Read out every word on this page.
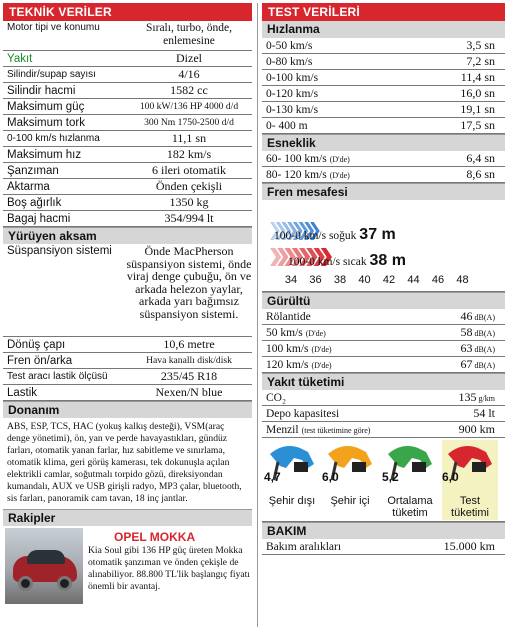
TEKNİK VERİLER
Motor tipi ve konumu	Sıralı, turbo, önde, enlemesine
Yakıt	Dizel
Silindir/supap sayısı	4/16
Silindir hacmi	1582 cc
Maksimum güç	100 kW/136 HP 4000 d/d
Maksimum tork	300 Nm 1750-2500 d/d
0-100 km/s hızlanma	11,1 sn
Maksimum hız	182 km/s
Şanzıman	6 ileri otomatik
Aktarma	Önden çekişli
Boş ağırlık	1350 kg
Bagaj hacmi	354/994 lt
Yürüyen aksam
Süspansiyon sistemi	Önde MacPherson süspansiyon sistemi, önde viraj denge çubuğu, ön ve arkada helezon yaylar, arkada yarı bağımsız süspansiyon sistemi.
Dönüş çapı	10,6 metre
Fren ön/arka	Hava kanallı disk/disk
Test aracı lastik ölçüsü	235/45 R18
Lastik	Nexen/N blue
Donanım
ABS, ESP, TCS, HAC (yokuş kalkış desteği), VSM(araç denge yönetimi), ön, yan ve perde havayastıkları, gündüz farları, otomatik yanan farlar, hız sabitleme ve sınırlama, otomatik klima, geri görüş kamerası, tek dokunuşla açılan elektrikli camlar, soğutmalı torpido gözü, direksiyondan kumandalı, AUX ve USB girişli radyo, MP3 çalar, bluetooth, sis farları, panoramik cam tavan, 18 inç jantlar.
Rakipler
OPEL MOKKA
Kia Soul gibi 136 HP güç üreten Mokka otomatik şanzıman ve önden çekişle de alınabiliyor. 88.800 TL'lik başlangıç fiyatı önemli bir avantaj.
TEST VERİLERİ
Hızlanma
0-50 km/s	3,5 sn
0-80 km/s	7,2 sn
0-100 km/s	11,4 sn
0-120 km/s	16,0 sn
0-130 km/s	19,1 sn
0- 400 m	17,5 sn
Esneklik
60- 100 km/s (D'de)	6,4 sn
80- 120 km/s (D'de)	8,6 sn
Fren mesafesi
100-0 km/s soğuk 37 m
100-0 km/s sıcak 38 m
34 36 38 40 42 44 46 48
Gürültü
Rölantide	46 dB(A)
50 km/s (D'de)	58 dB(A)
100 km/s (D'de)	63 dB(A)
120 km/s (D'de)	67 dB(A)
Yakıt tüketimi
CO₂	135 g/km
Depo kapasitesi	54 lt
Menzil (test tüketimine göre)	900 km
4,7
Şehir dışı
6,0
Şehir içi
5,2
Ortalama tüketim
6,0
Test tüketimi
BAKIM
Bakım aralıkları	15.000 km
